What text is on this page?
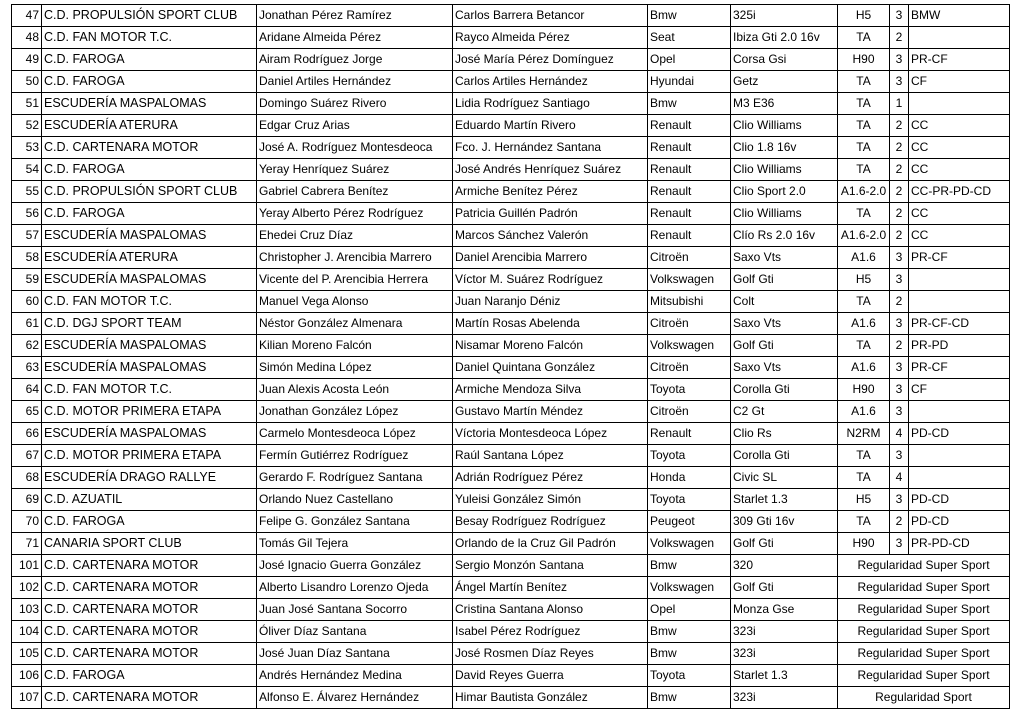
47	C.D. PROPULSIÓN SPORT CLUB	Jonathan Pérez Ramírez	Carlos Barrera Betancor	Bmw	325i	H5	3	BMW
48	C.D. FAN MOTOR T.C.	Aridane Almeida Pérez	Rayco Almeida Pérez	Seat	Ibiza Gti 2.0 16v	TA	2	
49	C.D. FAROGA	Airam Rodríguez Jorge	José María Pérez Domínguez	Opel	Corsa Gsi	H90	3	PR-CF
50	C.D. FAROGA	Daniel Artiles Hernández	Carlos Artiles Hernández	Hyundai	Getz	TA	3	CF
51	ESCUDERÍA MASPALOMAS	Domingo Suárez Rivero	Lidia Rodríguez Santiago	Bmw	M3 E36	TA	1	
52	ESCUDERÍA ATERURA	Edgar Cruz Arias	Eduardo Martín Rivero	Renault	Clio Williams	TA	2	CC
53	C.D. CARTENARA MOTOR	José A. Rodríguez Montesdeoca	Fco. J. Hernández Santana	Renault	Clio 1.8 16v	TA	2	CC
54	C.D. FAROGA	Yeray Henríquez Suárez	José Andrés Henríquez Suárez	Renault	Clio Williams	TA	2	CC
55	C.D. PROPULSIÓN SPORT CLUB	Gabriel Cabrera Benítez	Armiche Benítez Pérez	Renault	Clio Sport 2.0	A1.6-2.0	2	CC-PR-PD-CD
56	C.D. FAROGA	Yeray Alberto Pérez Rodríguez	Patricia Guillén Padrón	Renault	Clio Williams	TA	2	CC
57	ESCUDERÍA MASPALOMAS	Ehedei Cruz Díaz	Marcos Sánchez Valerón	Renault	Clío Rs 2.0 16v	A1.6-2.0	2	CC
58	ESCUDERÍA ATERURA	Christopher J. Arencibia Marrero	Daniel Arencibia Marrero	Citroën	Saxo Vts	A1.6	3	PR-CF
59	ESCUDERÍA MASPALOMAS	Vicente del P. Arencibia Herrera	Víctor M. Suárez Rodríguez	Volkswagen	Golf Gti	H5	3	
60	C.D. FAN MOTOR T.C.	Manuel Vega Alonso	Juan Naranjo Déniz	Mitsubishi	Colt	TA	2	
61	C.D. DGJ SPORT TEAM	Néstor González Almenara	Martín Rosas Abelenda	Citroën	Saxo Vts	A1.6	3	PR-CF-CD
62	ESCUDERÍA MASPALOMAS	Kilian Moreno Falcón	Nisamar Moreno Falcón	Volkswagen	Golf Gti	TA	2	PR-PD
63	ESCUDERÍA MASPALOMAS	Simón Medina López	Daniel Quintana González	Citroën	Saxo Vts	A1.6	3	PR-CF
64	C.D. FAN MOTOR T.C.	Juan Alexis Acosta León	Armiche Mendoza Silva	Toyota	Corolla Gti	H90	3	CF
65	C.D. MOTOR PRIMERA ETAPA	Jonathan González López	Gustavo Martín Méndez	Citroën	C2 Gt	A1.6	3	
66	ESCUDERÍA MASPALOMAS	Carmelo Montesdeoca López	Víctoria Montesdeoca López	Renault	Clio Rs	N2RM	4	PD-CD
67	C.D. MOTOR PRIMERA ETAPA	Fermín Gutiérrez Rodríguez	Raúl Santana López	Toyota	Corolla Gti	TA	3	
68	ESCUDERÍA DRAGO RALLYE	Gerardo F. Rodríguez Santana	Adrián Rodríguez Pérez	Honda	Civic SL	TA	4	
69	C.D. AZUATIL	Orlando Nuez Castellano	Yuleisi González Simón	Toyota	Starlet 1.3	H5	3	PD-CD
70	C.D. FAROGA	Felipe G. González Santana	Besay Rodríguez Rodríguez	Peugeot	309 Gti 16v	TA	2	PD-CD
71	CANARIA SPORT CLUB	Tomás Gil Tejera	Orlando de la Cruz Gil Padrón	Volkswagen	Golf Gti	H90	3	PR-PD-CD
101	C.D. CARTENARA MOTOR	José Ignacio Guerra González	Sergio Monzón Santana	Bmw	320	Regularidad Super Sport		
102	C.D. CARTENARA MOTOR	Alberto Lisandro Lorenzo Ojeda	Ángel Martín Benítez	Volkswagen	Golf Gti	Regularidad Super Sport		
103	C.D. CARTENARA MOTOR	Juan José Santana Socorro	Cristina Santana Alonso	Opel	Monza Gse	Regularidad Super Sport		
104	C.D. CARTENARA MOTOR	Óliver Díaz Santana	Isabel Pérez Rodríguez	Bmw	323i	Regularidad Super Sport		
105	C.D. CARTENARA MOTOR	José Juan Díaz Santana	José Rosmen Díaz Reyes	Bmw	323i	Regularidad Super Sport		
106	C.D. FAROGA	Andrés Hernández Medina	David Reyes Guerra	Toyota	Starlet 1.3	Regularidad Super Sport		
107	C.D. CARTENARA MOTOR	Alfonso E. Álvarez Hernández	Himar Bautista González	Bmw	323i	Regularidad Sport		
